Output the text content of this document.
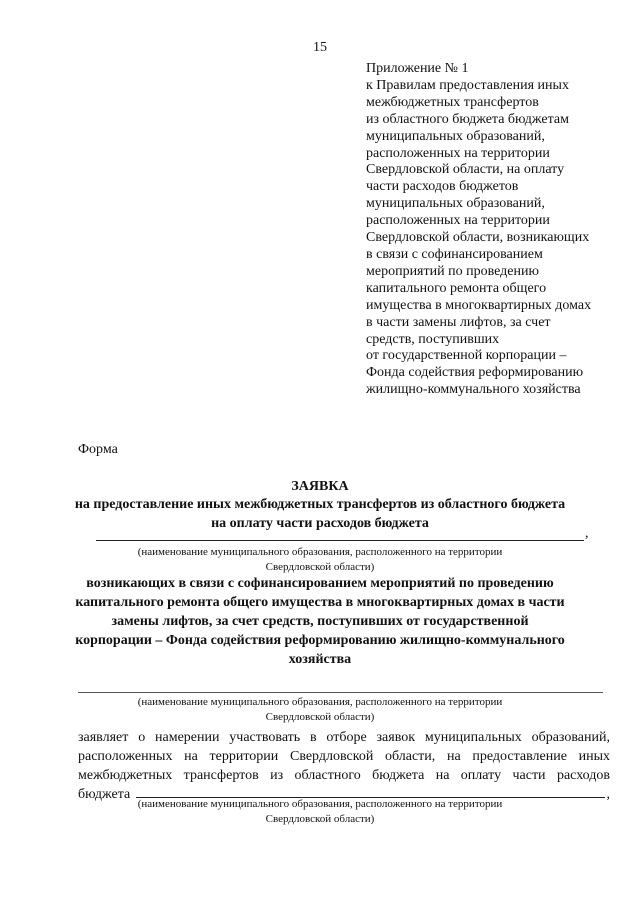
15
Приложение № 1
к Правилам предоставления иных
межбюджетных трансфертов
из областного бюджета бюджетам
муниципальных образований,
расположенных на территории
Свердловской области, на оплату
части расходов бюджетов
муниципальных образований,
расположенных на территории
Свердловской области, возникающих
в связи с софинансированием
мероприятий по проведению
капитального ремонта общего
имущества в многоквартирных домах
в части замены лифтов, за счет
средств, поступивших
от государственной корпорации –
Фонда содействия реформированию
жилищно-коммунального хозяйства
Форма
ЗАЯВКА
на предоставление иных межбюджетных трансфертов из областного бюджета
на оплату части расходов бюджета
,
(наименование муниципального образования, расположенного на территории
Свердловской области)
возникающих в связи с софинансированием мероприятий по проведению
капитального ремонта общего имущества в многоквартирных домах в части
замены лифтов, за счет средств, поступивших от государственной
корпорации – Фонда содействия реформированию жилищно-коммунального
хозяйства
(наименование муниципального образования, расположенного на территории
Свердловской области)
заявляет о намерении участвовать в отборе заявок муниципальных образований,
расположенных на территории Свердловской области, на предоставление иных
межбюджетных трансфертов из областного бюджета на оплату части расходов
бюджета	,
(наименование муниципального образования, расположенного на территории
Свердловской области)
